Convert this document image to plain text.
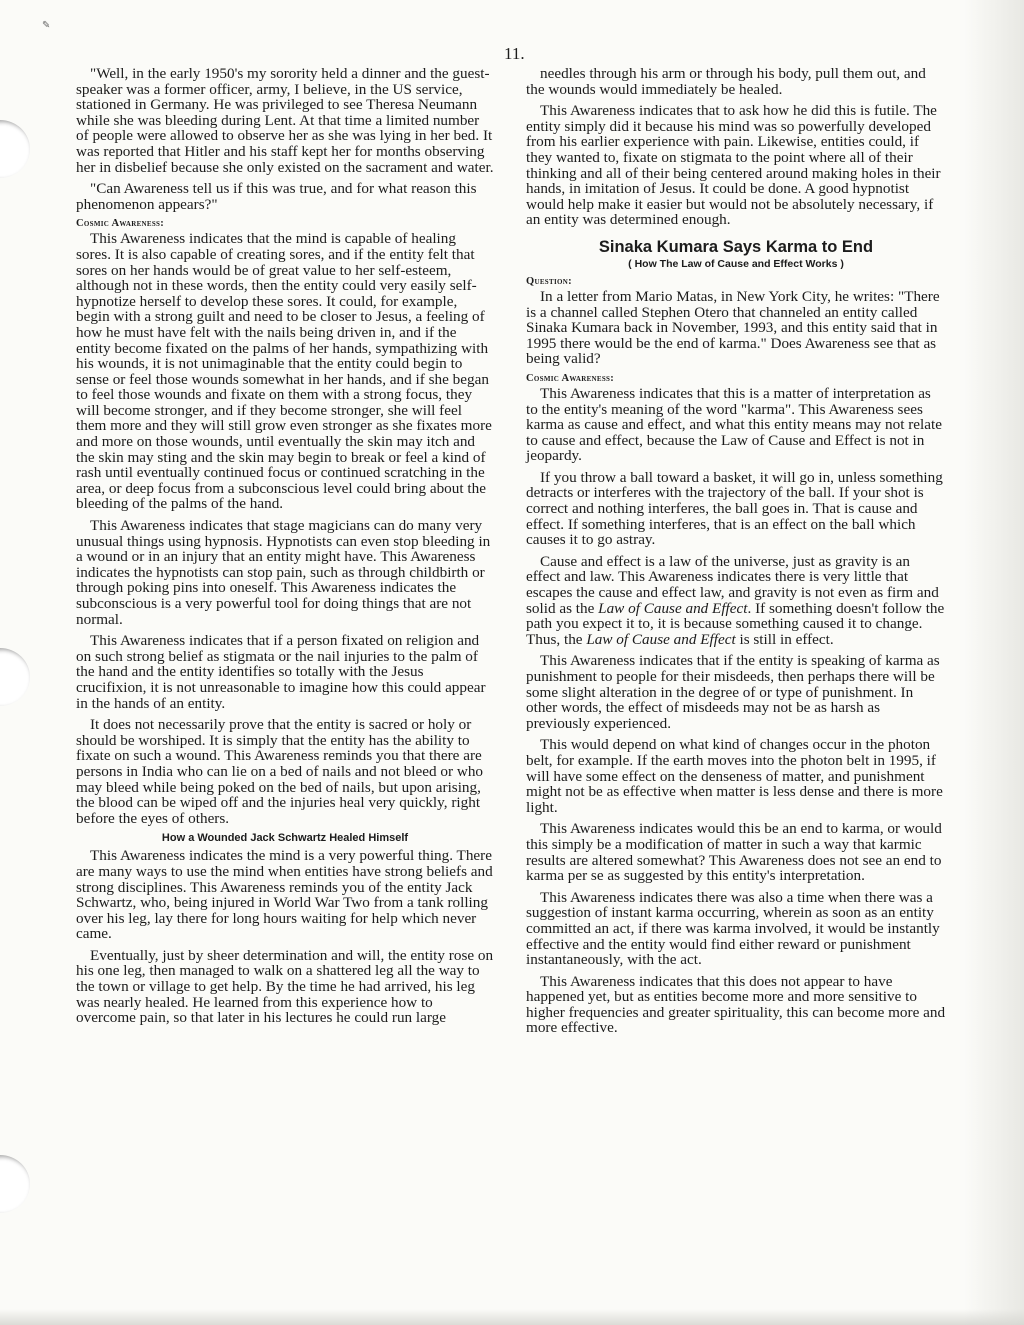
✎
11.

"Well, in the early 1950's my sorority held a dinner and the guest-speaker was a former officer, army, I believe, in the US service, stationed in Germany. He was privileged to see Theresa Neumann while she was bleeding during Lent. At that time a limited number of people were allowed to observe her as she was lying in her bed. It was reported that Hitler and his staff kept her for months observing her in disbelief because she only existed on the sacrament and water.

"Can Awareness tell us if this was true, and for what reason this phenomenon appears?"

Cosmic Awareness:

This Awareness indicates that the mind is capable of healing sores. It is also capable of creating sores, and if the entity felt that sores on her hands would be of great value to her self-esteem, although not in these words, then the entity could very easily self-hypnotize herself to develop these sores. It could, for example, begin with a strong guilt and need to be closer to Jesus, a feeling of how he must have felt with the nails being driven in, and if the entity become fixated on the palms of her hands, sympathizing with his wounds, it is not unimaginable that the entity could begin to sense or feel those wounds somewhat in her hands, and if she began to feel those wounds and fixate on them with a strong focus, they will become stronger, and if they become stronger, she will feel them more and they will still grow even stronger as she fixates more and more on those wounds, until eventually the skin may itch and the skin may sting and the skin may begin to break or feel a kind of rash until eventually continued focus or continued scratching in the area, or deep focus from a subconscious level could bring about the bleeding of the palms of the hand.

This Awareness indicates that stage magicians can do many very unusual things using hypnosis. Hypnotists can even stop bleeding in a wound or in an injury that an entity might have. This Awareness indicates the hypnotists can stop pain, such as through childbirth or through poking pins into oneself. This Awareness indicates the subconscious is a very powerful tool for doing things that are not normal.

This Awareness indicates that if a person fixated on religion and on such strong belief as stigmata or the nail injuries to the palm of the hand and the entity identifies so totally with the Jesus crucifixion, it is not unreasonable to imagine how this could appear in the hands of an entity.

It does not necessarily prove that the entity is sacred or holy or should be worshiped. It is simply that the entity has the ability to fixate on such a wound. This Awareness reminds you that there are persons in India who can lie on a bed of nails and not bleed or who may bleed while being poked on the bed of nails, but upon arising, the blood can be wiped off and the injuries heal very quickly, right before the eyes of others.

How a Wounded Jack Schwartz Healed Himself

This Awareness indicates the mind is a very powerful thing. There are many ways to use the mind when entities have strong beliefs and strong disciplines. This Awareness reminds you of the entity Jack Schwartz, who, being injured in World War Two from a tank rolling over his leg, lay there for long hours waiting for help which never came.

Eventually, just by sheer determination and will, the entity rose on his one leg, then managed to walk on a shattered leg all the way to the town or village to get help. By the time he had arrived, his leg was nearly healed. He learned from this experience how to overcome pain, so that later in his lectures he could run large

needles through his arm or through his body, pull them out, and the wounds would immediately be healed.

This Awareness indicates that to ask how he did this is futile. The entity simply did it because his mind was so powerfully developed from his earlier experience with pain. Likewise, entities could, if they wanted to, fixate on stigmata to the point where all of their thinking and all of their being centered around making holes in their hands, in imitation of Jesus. It could be done. A good hypnotist would help make it easier but would not be absolutely necessary, if an entity was determined enough.

Sinaka Kumara Says Karma to End
( How The Law of Cause and Effect Works )
Question:

In a letter from Mario Matas, in New York City, he writes: "There is a channel called Stephen Otero that channeled an entity called Sinaka Kumara back in November, 1993, and this entity said that in 1995 there would be the end of karma." Does Awareness see that as being valid?

Cosmic Awareness:

This Awareness indicates that this is a matter of interpretation as to the entity's meaning of the word "karma". This Awareness sees karma as cause and effect, and what this entity means may not relate to cause and effect, because the Law of Cause and Effect is not in jeopardy.

If you throw a ball toward a basket, it will go in, unless something detracts or interferes with the trajectory of the ball. If your shot is correct and nothing interferes, the ball goes in. That is cause and effect. If something interferes, that is an effect on the ball which causes it to go astray.

Cause and effect is a law of the universe, just as gravity is an effect and law. This Awareness indicates there is very little that escapes the cause and effect law, and gravity is not even as firm and solid as the Law of Cause and Effect. If something doesn't follow the path you expect it to, it is because something caused it to change. Thus, the Law of Cause and Effect is still in effect.

This Awareness indicates that if the entity is speaking of karma as punishment to people for their misdeeds, then perhaps there will be some slight alteration in the degree of or type of punishment. In other words, the effect of misdeeds may not be as harsh as previously experienced.

This would depend on what kind of changes occur in the photon belt, for example. If the earth moves into the photon belt in 1995, if will have some effect on the denseness of matter, and punishment might not be as effective when matter is less dense and there is more light.

This Awareness indicates would this be an end to karma, or would this simply be a modification of matter in such a way that karmic results are altered somewhat? This Awareness does not see an end to karma per se as suggested by this entity's interpretation.

This Awareness indicates there was also a time when there was a suggestion of instant karma occurring, wherein as soon as an entity committed an act, if there was karma involved, it would be instantly effective and the entity would find either reward or punishment instantaneously, with the act.

This Awareness indicates that this does not appear to have happened yet, but as entities become more and more sensitive to higher frequencies and greater spirituality, this can become more and more effective.
